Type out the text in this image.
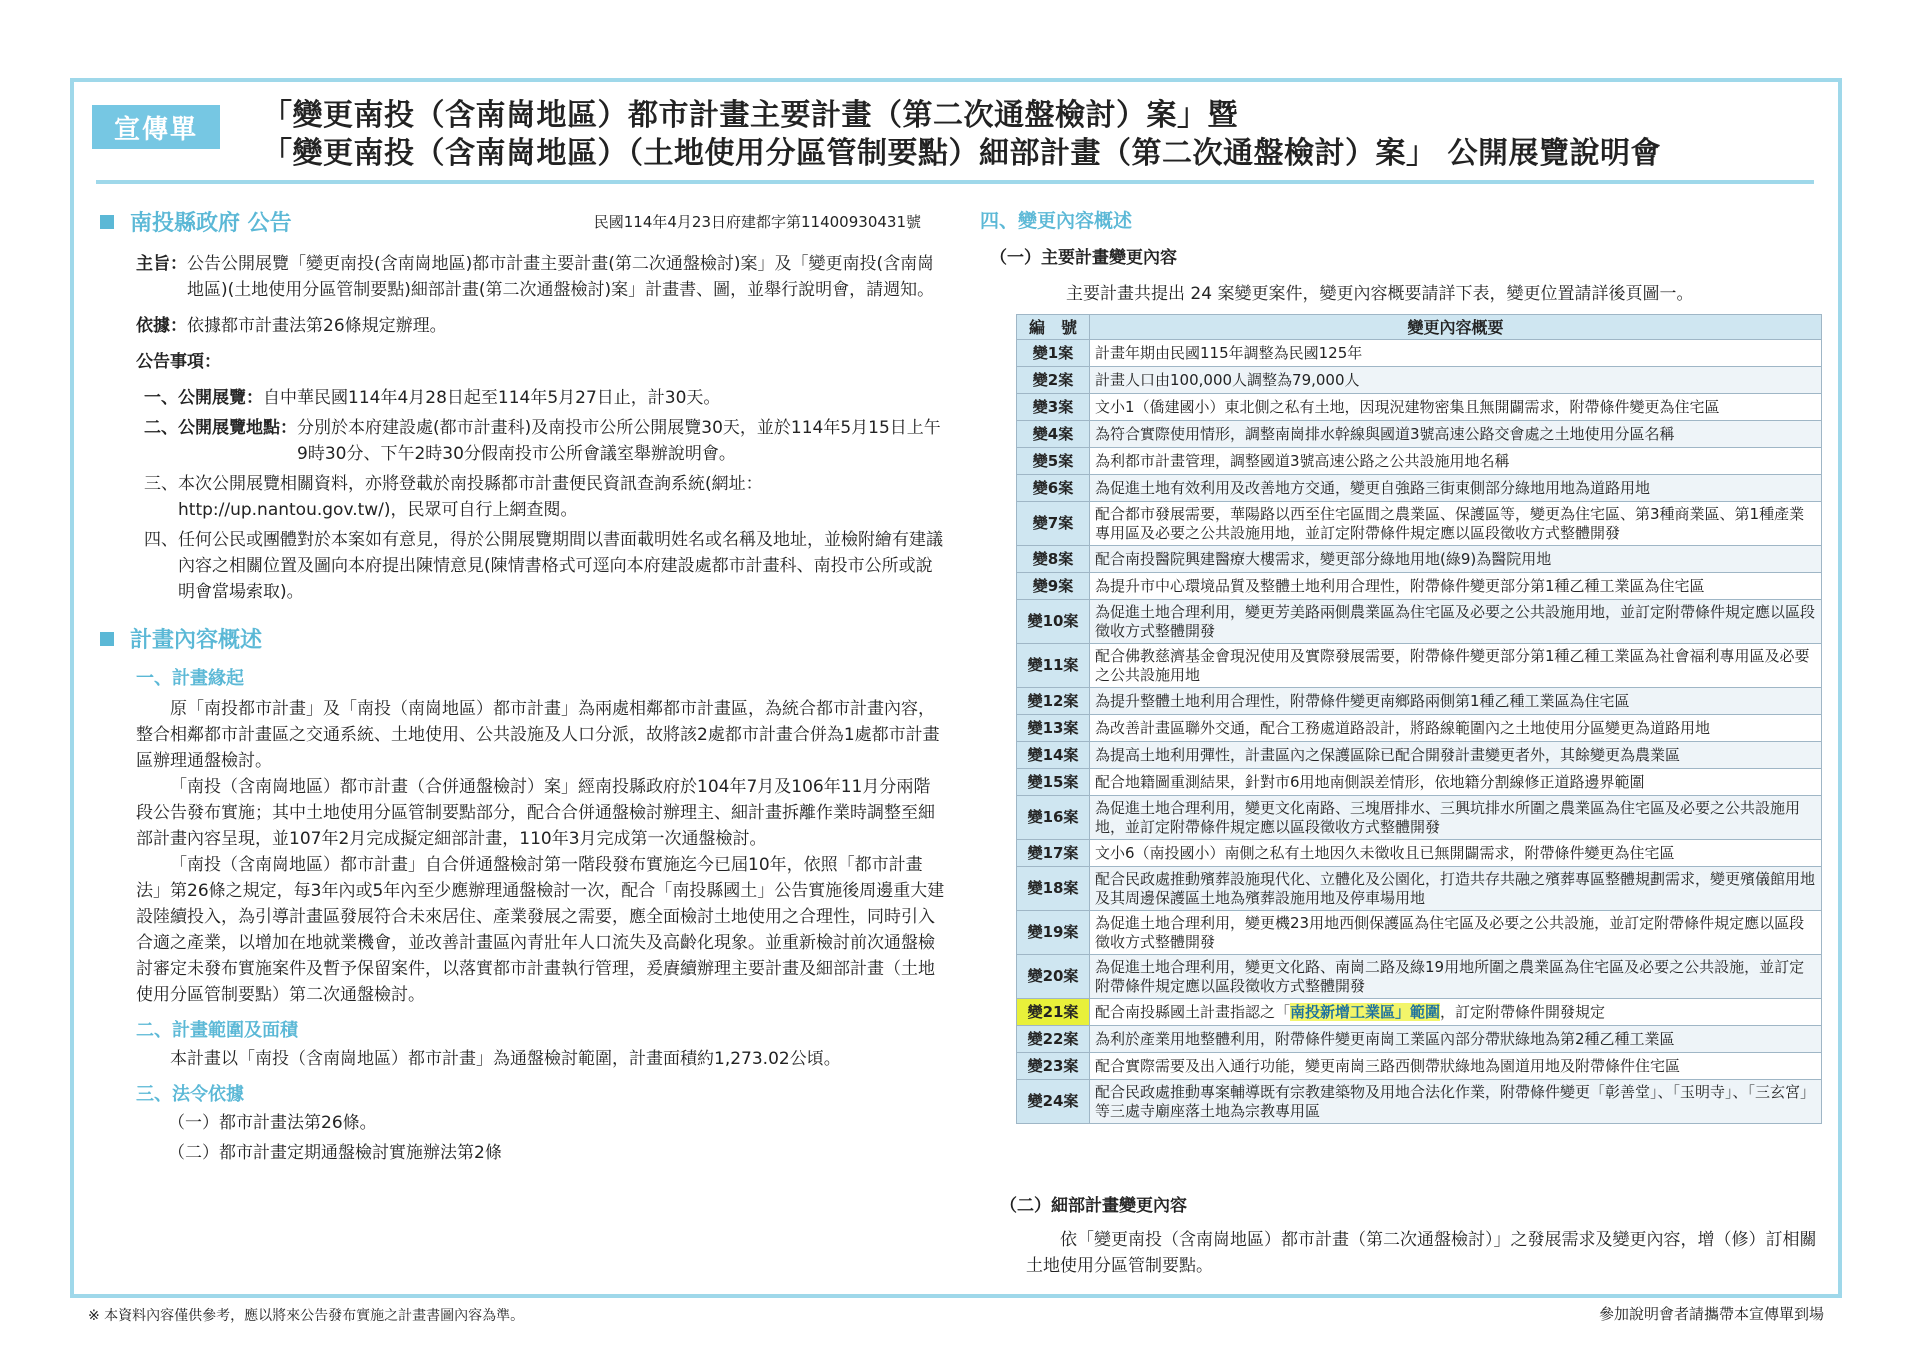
宣傳單	「變更南投（含南崗地區）都市計畫主要計畫（第二次通盤檢討）案」暨
「變更南投（含南崗地區）（土地使用分區管制要點）細部計畫（第二次通盤檢討）案」 公開展覽說明會
南投縣政府 公告	民國114年4月23日府建都字第11400930431號
主旨： 公告公開展覽「變更南投(含南崗地區)都市計畫主要計畫(第二次通盤檢討)案」及「變更南投(含南崗地區)(土地使用分區管制要點)細部計畫(第二次通盤檢討)案」計畫書、圖，並舉行說明會，請週知。

依據： 依據都市計畫法第26條規定辦理。

公告事項：

一、公開展覽： 自中華民國114年4月28日起至114年5月27日止，計30天。

二、公開展覽地點： 分別於本府建設處(都市計畫科)及南投市公所公開展覽30天，並於114年5月15日上午9時30分、下午2時30分假南投市公所會議室舉辦說明會。

三、 本次公開展覽相關資料，亦將登載於南投縣都市計畫便民資訊查詢系統(網址：http://up.nantou.gov.tw/)，民眾可自行上網查閱。

四、 任何公民或團體對於本案如有意見，得於公開展覽期間以書面載明姓名或名稱及地址，並檢附繪有建議內容之相關位置及圖向本府提出陳情意見(陳情書格式可逕向本府建設處都市計畫科、南投市公所或說明會當場索取)。

計畫內容概述
一、計畫緣起

原「南投都市計畫」及「南投（南崗地區）都市計畫」為兩處相鄰都市計畫區，為統合都市計畫內容，整合相鄰都市計畫區之交通系統、土地使用、公共設施及人口分派，故將該2處都市計畫合併為1處都市計畫區辦理通盤檢討。

「南投（含南崗地區）都市計畫（合併通盤檢討）案」經南投縣政府於104年7月及106年11月分兩階段公告發布實施；其中土地使用分區管制要點部分，配合合併通盤檢討辦理主、細計畫拆離作業時調整至細部計畫內容呈現，並107年2月完成擬定細部計畫，110年3月完成第一次通盤檢討。

「南投（含南崗地區）都市計畫」自合併通盤檢討第一階段發布實施迄今已屆10年，依照「都市計畫法」第26條之規定，每3年內或5年內至少應辦理通盤檢討一次，配合「南投縣國土」公告實施後周邊重大建設陸續投入，為引導計畫區發展符合未來居住、產業發展之需要，應全面檢討土地使用之合理性，同時引入合適之產業，以增加在地就業機會，並改善計畫區內青壯年人口流失及高齡化現象。並重新檢討前次通盤檢討審定未發布實施案件及暫予保留案件，以落實都市計畫執行管理，爰賡續辦理主要計畫及細部計畫（土地使用分區管制要點）第二次通盤檢討。

二、計畫範圍及面積

本計畫以「南投（含南崗地區）都市計畫」為通盤檢討範圍，計畫面積約1,273.02公頃。

三、法令依據

（一）都市計畫法第26條。

（二）都市計畫定期通盤檢討實施辦法第2條

四、變更內容概述

（一）主要計畫變更內容

主要計畫共提出 24 案變更案件，變更內容概要請詳下表，變更位置請詳後頁圖一。

編　號	變更內容概要
變1案	計畫年期由民國115年調整為民國125年
變2案	計畫人口由100,000人調整為79,000人
變3案	文小1（僑建國小）東北側之私有土地，因現況建物密集且無開闢需求，附帶條件變更為住宅區
變4案	為符合實際使用情形，調整南崗排水幹線與國道3號高速公路交會處之土地使用分區名稱
變5案	為利都市計畫管理，調整國道3號高速公路之公共設施用地名稱
變6案	為促進土地有效利用及改善地方交通，變更自強路三街東側部分綠地用地為道路用地
變7案	配合都市發展需要，華陽路以西至住宅區間之農業區、保護區等，變更為住宅區、第3種商業區、第1種產業專用區及必要之公共設施用地，並訂定附帶條件規定應以區段徵收方式整體開發
變8案	配合南投醫院興建醫療大樓需求，變更部分綠地用地(綠9)為醫院用地
變9案	為提升市中心環境品質及整體土地利用合理性，附帶條件變更部分第1種乙種工業區為住宅區
變10案	為促進土地合理利用，變更芳美路兩側農業區為住宅區及必要之公共設施用地，並訂定附帶條件規定應以區段徵收方式整體開發
變11案	配合佛教慈濟基金會現況使用及實際發展需要，附帶條件變更部分第1種乙種工業區為社會福利專用區及必要之公共設施用地
變12案	為提升整體土地利用合理性，附帶條件變更南鄉路兩側第1種乙種工業區為住宅區
變13案	為改善計畫區聯外交通，配合工務處道路設計，將路線範圍內之土地使用分區變更為道路用地
變14案	為提高土地利用彈性，計畫區內之保護區除已配合開發計畫變更者外，其餘變更為農業區
變15案	配合地籍圖重測結果，針對市6用地南側誤差情形，依地籍分割線修正道路邊界範圍
變16案	為促進土地合理利用，變更文化南路、三塊厝排水、三興坑排水所圍之農業區為住宅區及必要之公共設施用地，並訂定附帶條件規定應以區段徵收方式整體開發
變17案	文小6（南投國小）南側之私有土地因久未徵收且已無開闢需求，附帶條件變更為住宅區
變18案	配合民政處推動殯葬設施現代化、立體化及公園化，打造共存共融之殯葬專區整體規劃需求，變更殯儀館用地及其周邊保護區土地為殯葬設施用地及停車場用地
變19案	為促進土地合理利用，變更機23用地西側保護區為住宅區及必要之公共設施，並訂定附帶條件規定應以區段徵收方式整體開發
變20案	為促進土地合理利用，變更文化路、南崗二路及綠19用地所圍之農業區為住宅區及必要之公共設施，並訂定附帶條件規定應以區段徵收方式整體開發
變21案	配合南投縣國土計畫指認之「南投新增工業區」範圍，訂定附帶條件開發規定
變22案	為利於產業用地整體利用，附帶條件變更南崗工業區內部分帶狀綠地為第2種乙種工業區
變23案	配合實際需要及出入通行功能，變更南崗三路西側帶狀綠地為園道用地及附帶條件住宅區
變24案	配合民政處推動專案輔導既有宗教建築物及用地合法化作業，附帶條件變更「彰善堂」、「玉明寺」、「三玄宮」等三處寺廟座落土地為宗教專用區

（二）細部計畫變更內容

依「變更南投（含南崗地區）都市計畫（第二次通盤檢討）」之發展需求及變更內容，增（修）訂相關土地使用分區管制要點。

※ 本資料內容僅供參考，應以將來公告發布實施之計畫書圖內容為準。	參加說明會者請攜帶本宣傳單到場
